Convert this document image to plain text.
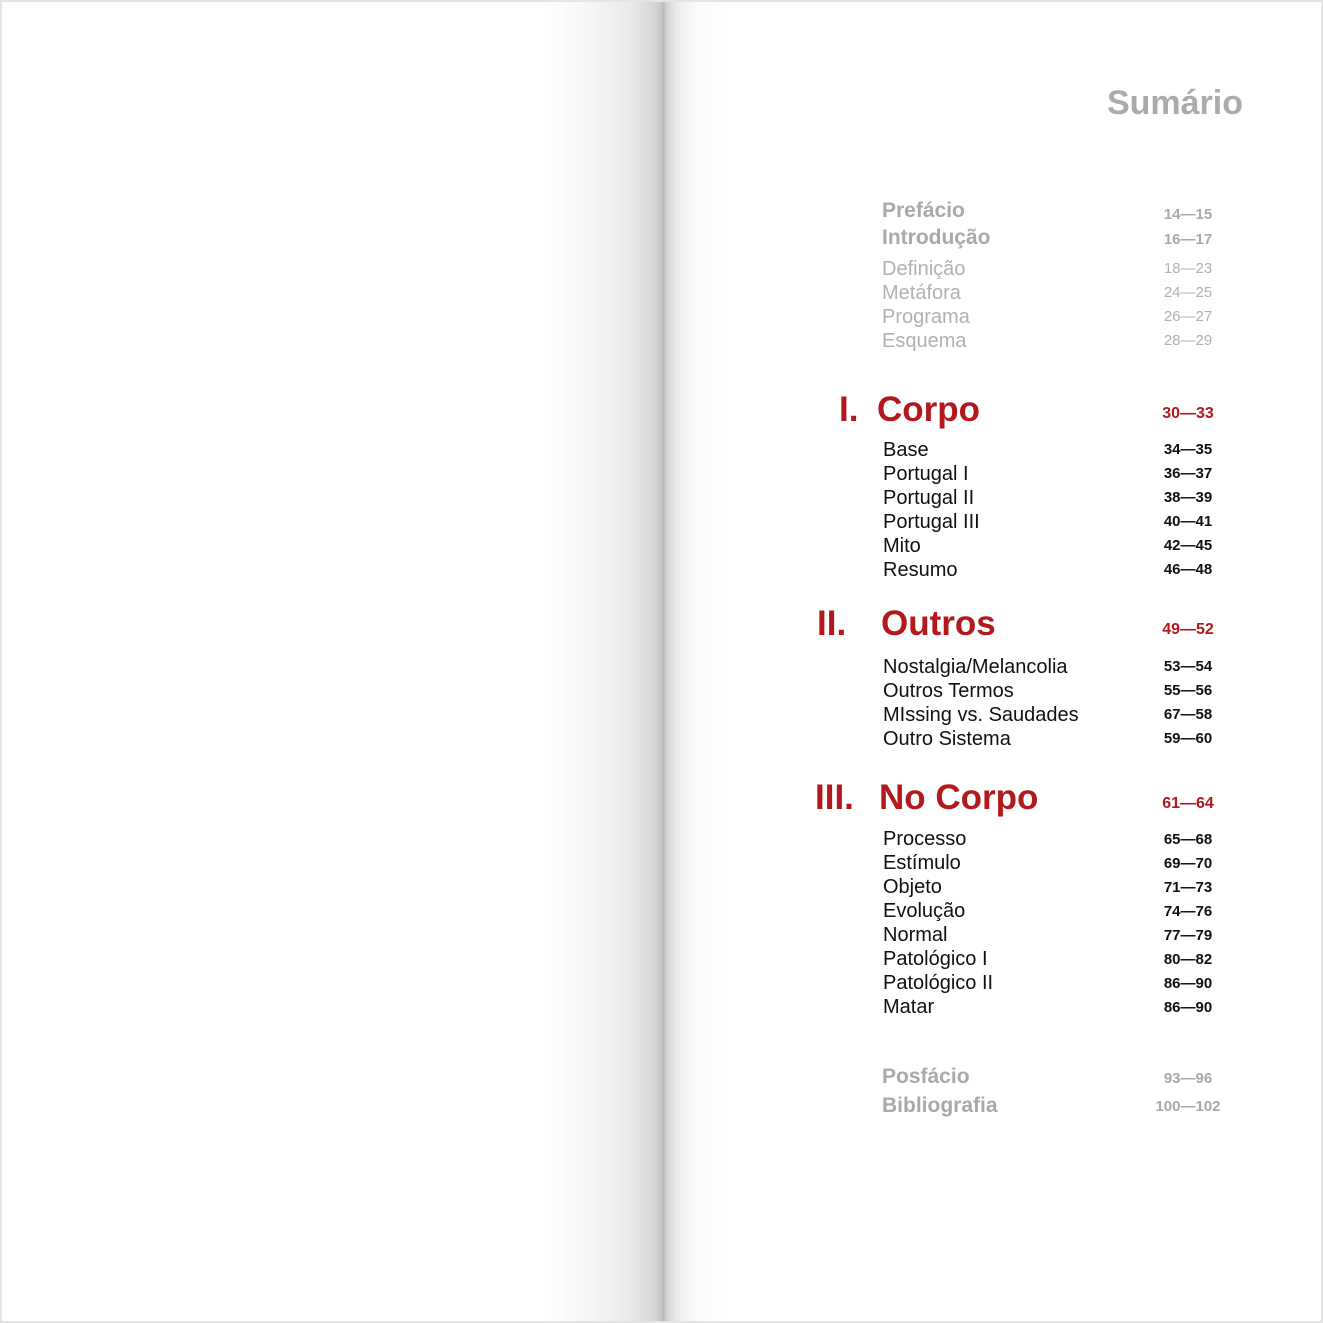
Sumário
Prefácio	14—15
Introdução	16—17
Definição	18—23
Metáfora	24—25
Programa	26—27
Esquema	28—29
I. Corpo	30—33
Base	34—35
Portugal I	36—37
Portugal II	38—39
Portugal III	40—41
Mito	42—45
Resumo	46—48
II. Outros	49—52
Nostalgia/Melancolia	53—54
Outros Termos	55—56
MIssing vs. Saudades	67—58
Outro Sistema	59—60
III. No Corpo	61—64
Processo	65—68
Estímulo	69—70
Objeto	71—73
Evolução	74—76
Normal	77—79
Patológico I	80—82
Patológico II	86—90
Matar	86—90
Posfácio	93—96
Bibliografia	100—102
